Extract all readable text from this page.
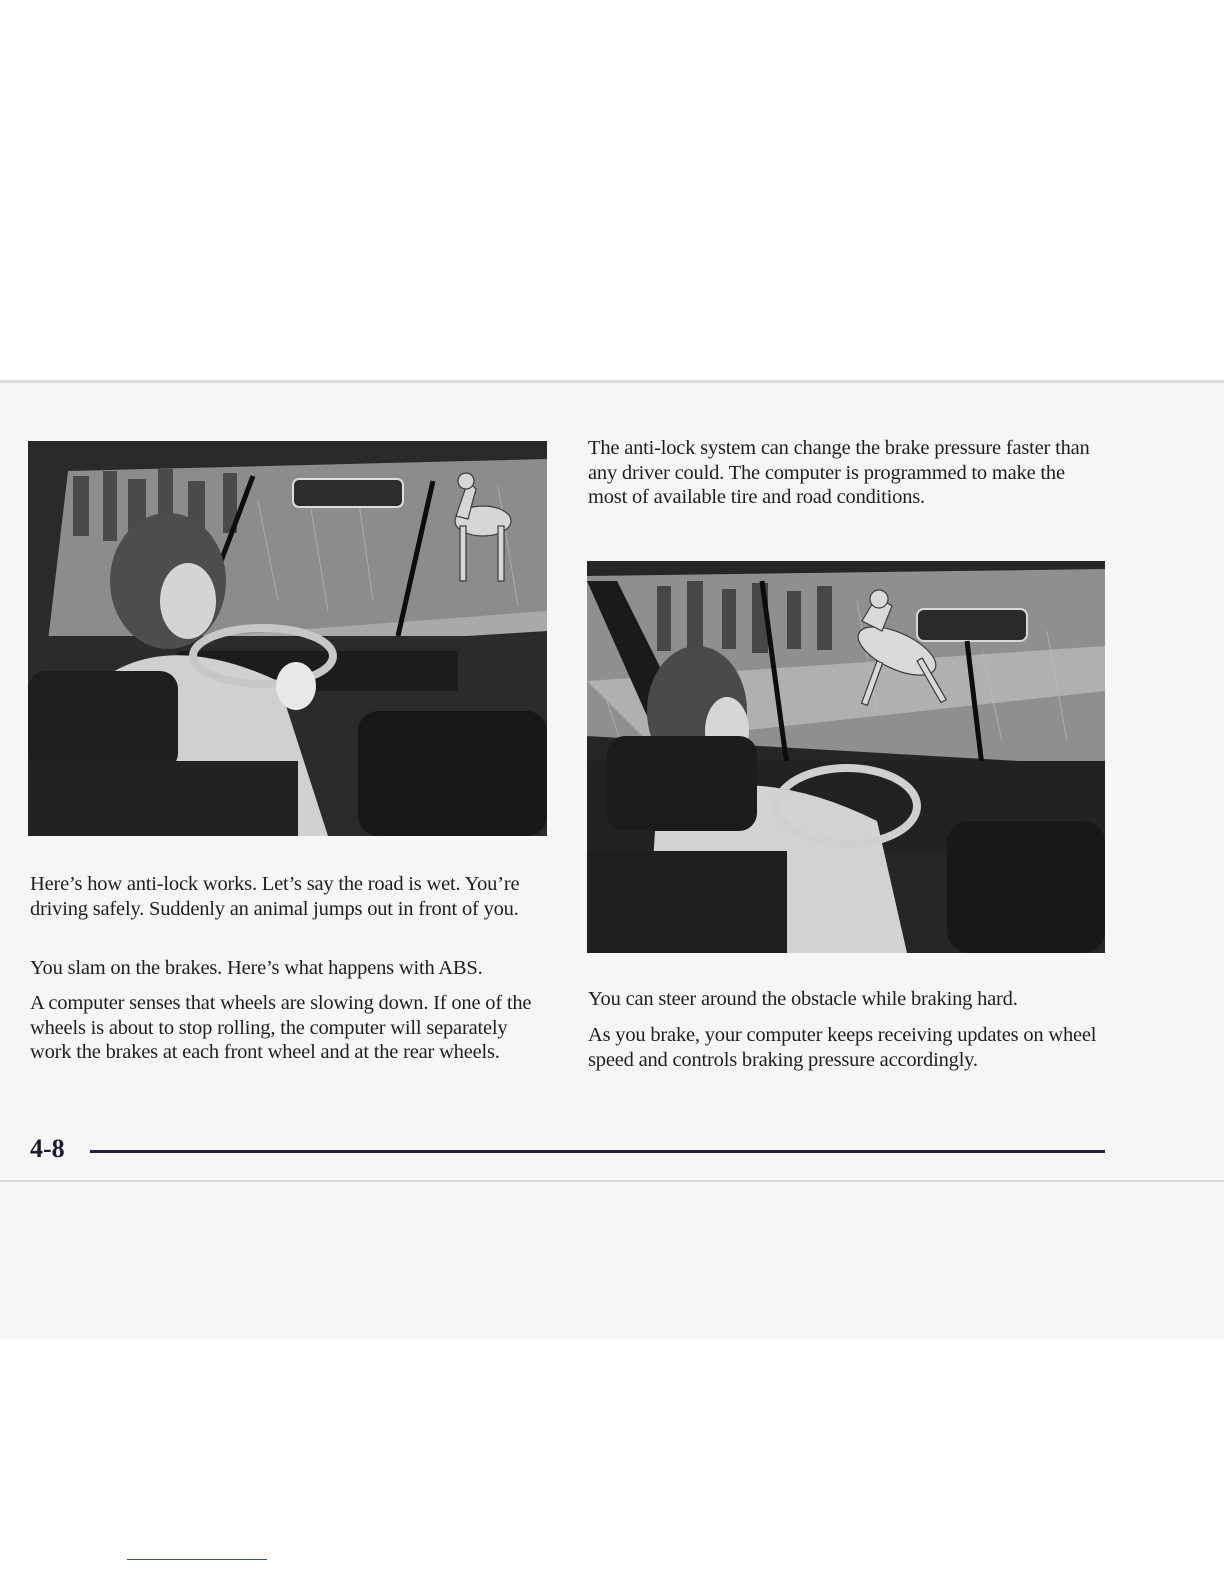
Here’s how anti-lock works. Let’s say the road is wet. You’re driving safely. Suddenly an animal jumps out in front of you.

You slam on the brakes. Here’s what happens with ABS.

A computer senses that wheels are slowing down. If one of the wheels is about to stop rolling, the computer will separately work the brakes at each front wheel and at the rear wheels.

The anti-lock system can change the brake pressure faster than any driver could. The computer is programmed to make the most of available tire and road conditions.

You can steer around the obstacle while braking hard.

As you brake, your computer keeps receiving updates on wheel speed and controls braking pressure accordingly.

4-8
